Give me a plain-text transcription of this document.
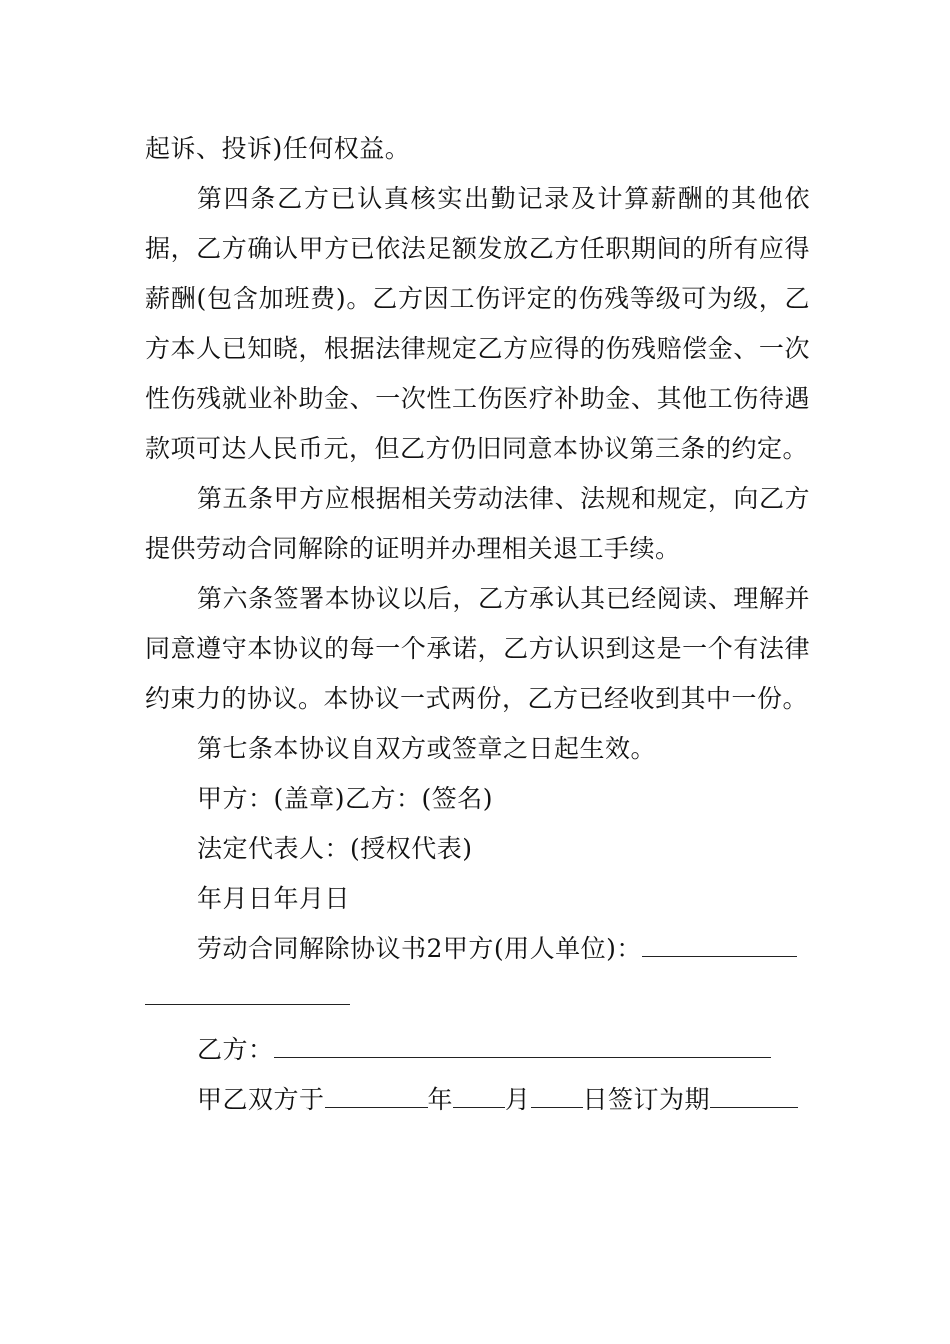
起诉、投诉)任何权益。

第四条乙方已认真核实出勤记录及计算薪酬的其他依据，乙方确认甲方已依法足额发放乙方任职期间的所有应得薪酬(包含加班费)。乙方因工伤评定的伤残等级可为级，乙方本人已知晓，根据法律规定乙方应得的伤残赔偿金、一次性伤残就业补助金、一次性工伤医疗补助金、其他工伤待遇款项可达人民币元，但乙方仍旧同意本协议第三条的约定。

第五条甲方应根据相关劳动法律、法规和规定，向乙方提供劳动合同解除的证明并办理相关退工手续。

第六条签署本协议以后，乙方承认其已经阅读、理解并同意遵守本协议的每一个承诺，乙方认识到这是一个有法律约束力的协议。本协议一式两份，乙方已经收到其中一份。

第七条本协议自双方或签章之日起生效。

甲方：(盖章)乙方：(签名)

法定代表人：(授权代表)

年月日年月日

劳动合同解除协议书2甲方(用人单位)：

乙方：

甲乙双方于	年 月 日签订为期
